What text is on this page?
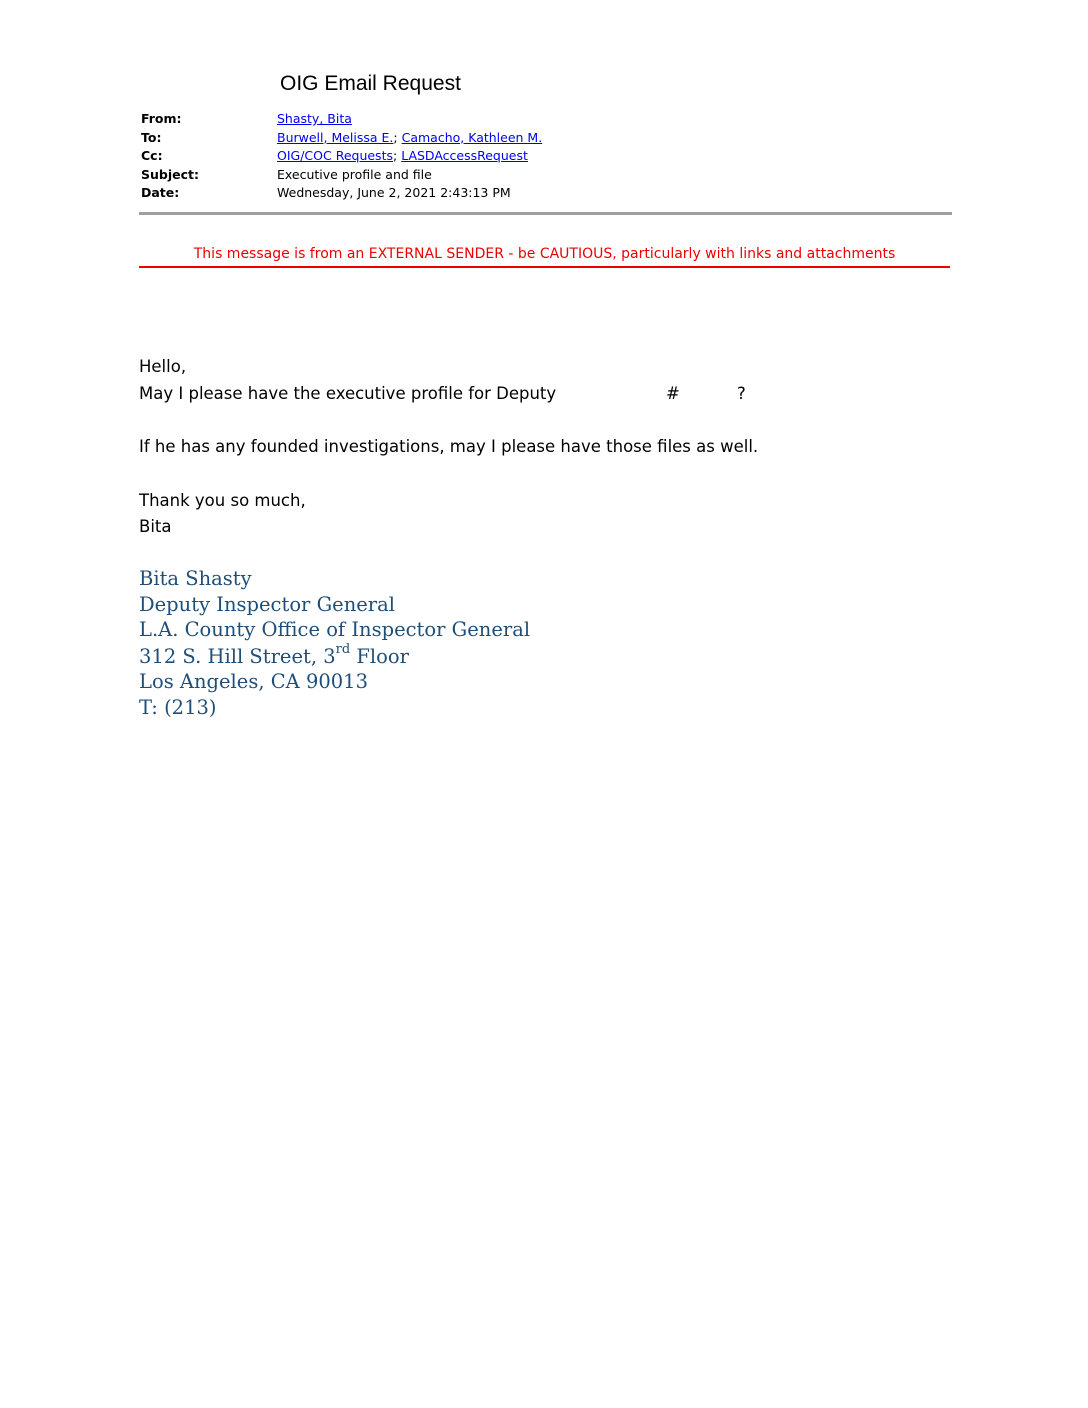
OIG Email Request
From:	Shasty, Bita
To:	Burwell, Melissa E.; Camacho, Kathleen M.
Cc:	OIG/COC Requests; LASDAccessRequest
Subject:	Executive profile and file
Date:	Wednesday, June 2, 2021 2:43:13 PM
This message is from an EXTERNAL SENDER - be CAUTIOUS, particularly with links and attachments
Hello,
May I please have the executive profile for Deputy	#	?
If he has any founded investigations, may I please have those files as well.
Thank you so much,
Bita
Bita Shasty
Deputy Inspector General
L.A. County Office of Inspector General
312 S. Hill Street, 3rd Floor
Los Angeles, CA 90013
T: (213)
